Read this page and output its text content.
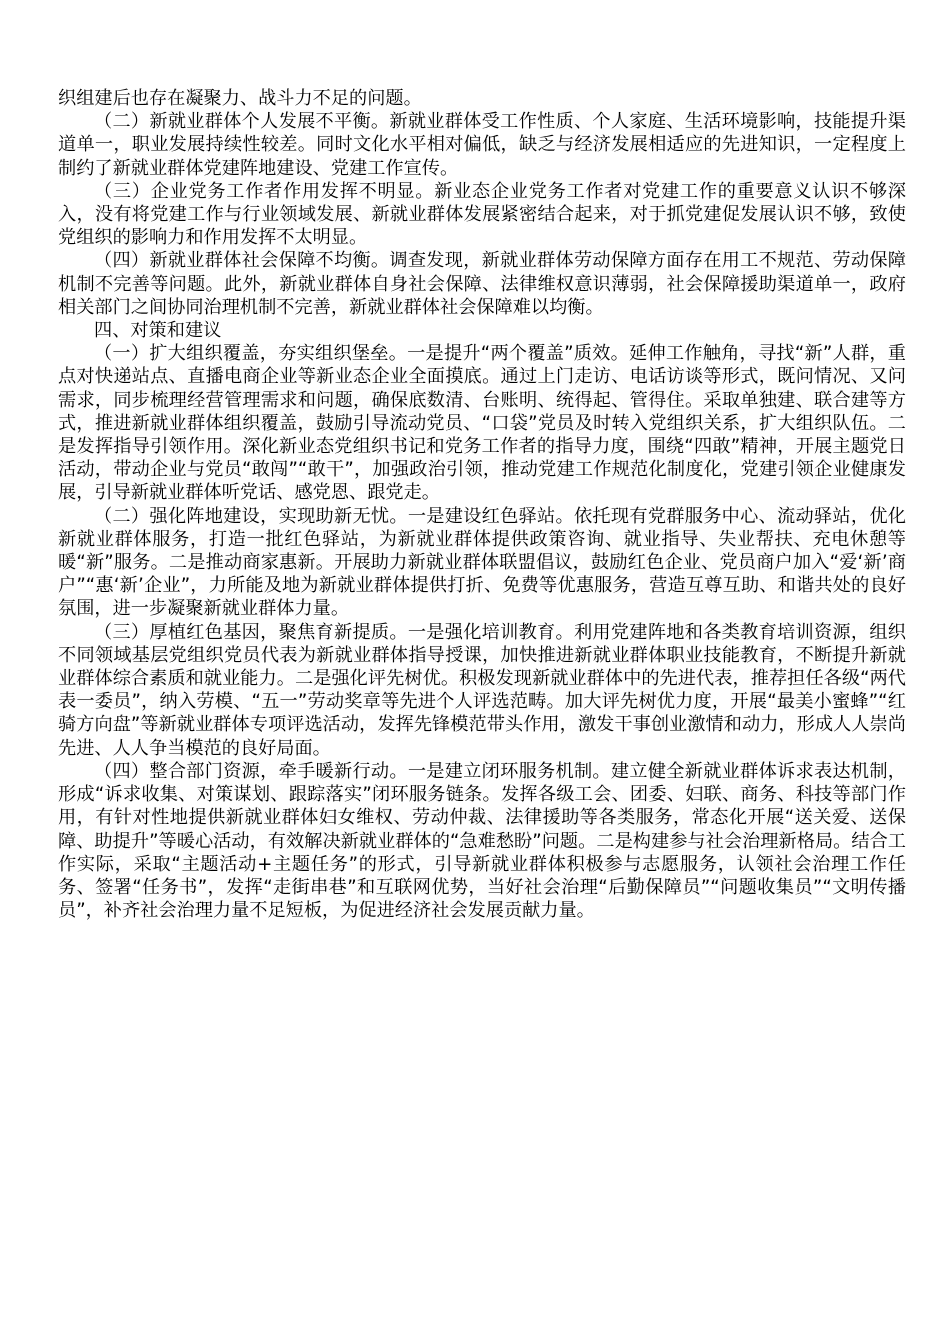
织组建后也存在凝聚力、战斗力不足的问题。

（二）新就业群体个人发展不平衡。新就业群体受工作性质、个人家庭、生活环境影响，技能提升渠道单一，职业发展持续性较差。同时文化水平相对偏低，缺乏与经济发展相适应的先进知识，一定程度上制约了新就业群体党建阵地建设、党建工作宣传。

（三）企业党务工作者作用发挥不明显。新业态企业党务工作者对党建工作的重要意义认识不够深入，没有将党建工作与行业领域发展、新就业群体发展紧密结合起来，对于抓党建促发展认识不够，致使党组织的影响力和作用发挥不太明显。

（四）新就业群体社会保障不均衡。调查发现，新就业群体劳动保障方面存在用工不规范、劳动保障机制不完善等问题。此外，新就业群体自身社会保障、法律维权意识薄弱，社会保障援助渠道单一，政府相关部门之间协同治理机制不完善，新就业群体社会保障难以均衡。

四、对策和建议

（一）扩大组织覆盖，夯实组织堡垒。一是提升“两个覆盖”质效。延伸工作触角，寻找“新”人群，重点对快递站点、直播电商企业等新业态企业全面摸底。通过上门走访、电话访谈等形式，既问情况、又问需求，同步梳理经营管理需求和问题，确保底数清、台账明、统得起、管得住。采取单独建、联合建等方式，推进新就业群体组织覆盖，鼓励引导流动党员、“口袋”党员及时转入党组织关系，扩大组织队伍。二是发挥指导引领作用。深化新业态党组织书记和党务工作者的指导力度，围绕“四敢”精神，开展主题党日活动，带动企业与党员“敢闯”“敢干”，加强政治引领，推动党建工作规范化制度化，党建引领企业健康发展，引导新就业群体听党话、感党恩、跟党走。

（二）强化阵地建设，实现助新无忧。一是建设红色驿站。依托现有党群服务中心、流动驿站，优化新就业群体服务，打造一批红色驿站，为新就业群体提供政策咨询、就业指导、失业帮扶、充电休憩等暖“新”服务。二是推动商家惠新。开展助力新就业群体联盟倡议，鼓励红色企业、党员商户加入“爱‘新’商户”“惠‘新’企业”，力所能及地为新就业群体提供打折、免费等优惠服务，营造互尊互助、和谐共处的良好氛围，进一步凝聚新就业群体力量。

（三）厚植红色基因，聚焦育新提质。一是强化培训教育。利用党建阵地和各类教育培训资源，组织不同领域基层党组织党员代表为新就业群体指导授课，加快推进新就业群体职业技能教育，不断提升新就业群体综合素质和就业能力。二是强化评先树优。积极发现新就业群体中的先进代表，推荐担任各级“两代表一委员”，纳入劳模、“五一”劳动奖章等先进个人评选范畴。加大评先树优力度，开展“最美小蜜蜂”“红骑方向盘”等新就业群体专项评选活动，发挥先锋模范带头作用，激发干事创业激情和动力，形成人人崇尚先进、人人争当模范的良好局面。

（四）整合部门资源，牵手暖新行动。一是建立闭环服务机制。建立健全新就业群体诉求表达机制，形成“诉求收集、对策谋划、跟踪落实”闭环服务链条。发挥各级工会、团委、妇联、商务、科技等部门作用，有针对性地提供新就业群体妇女维权、劳动仲裁、法律援助等各类服务，常态化开展“送关爱、送保障、助提升”等暖心活动，有效解决新就业群体的“急难愁盼”问题。二是构建参与社会治理新格局。结合工作实际，采取“主题活动+主题任务”的形式，引导新就业群体积极参与志愿服务，认领社会治理工作任务、签署“任务书”，发挥“走街串巷”和互联网优势，当好社会治理“后勤保障员”“问题收集员”“文明传播员”，补齐社会治理力量不足短板，为促进经济社会发展贡献力量。
